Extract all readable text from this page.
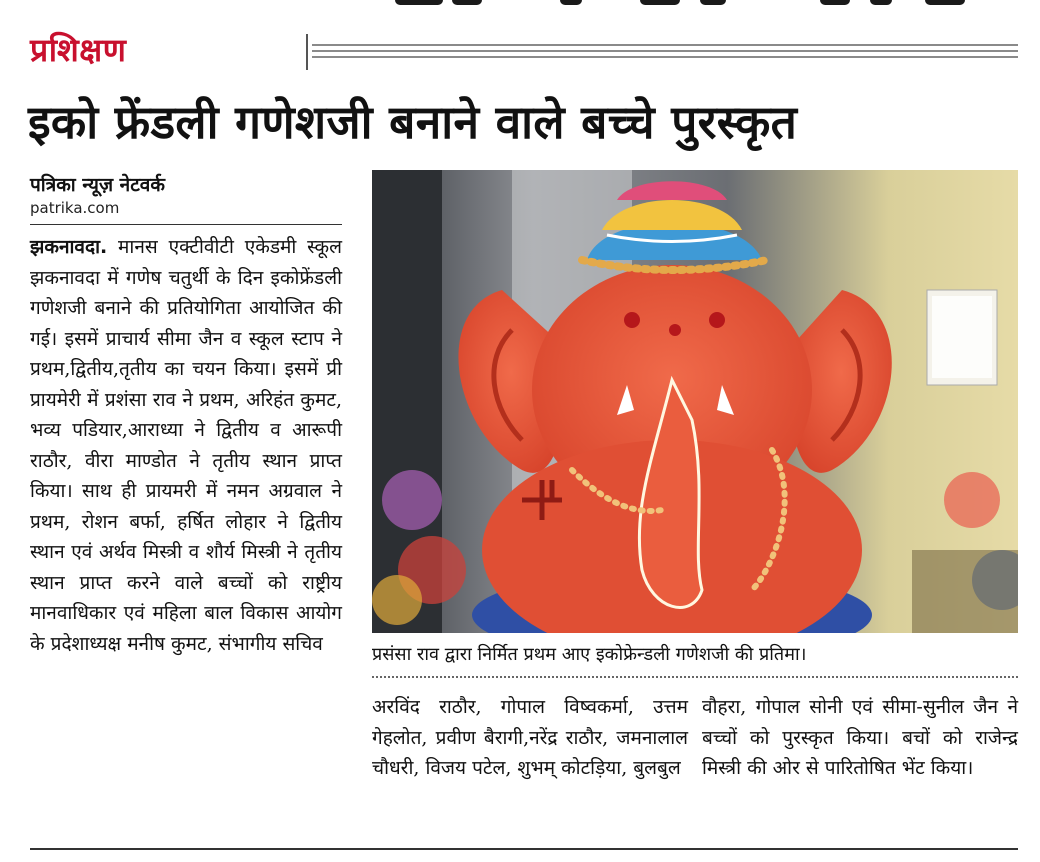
प्रशिक्षण
इको फ्रेंडली गणेशजी बनाने वाले बच्चे पुरस्कृत
पत्रिका न्यूज़ नेटवर्क
patrika.com
झकनावदा. मानस एक्टीवीटी एकेडमी स्कूल झकनावदा में गणेष चतुर्थी के दिन इकोफ्रेंडली गणेशजी बनाने की प्रतियोगिता आयोजित की गई। इसमें प्राचार्य सीमा जैन व स्कूल स्टाप ने प्रथम,द्वितीय,तृतीय का चयन किया। इसमें प्री प्रायमेरी में प्रशंसा राव ने प्रथम, अरिहंत कुमट, भव्य पडियार,आराध्या ने द्वितीय व आरूपी राठौर, वीरा माण्डोत ने तृतीय स्थान प्राप्त किया। साथ ही प्रायमरी में नमन अग्रवाल ने प्रथम, रोशन बर्फा, हर्षित लोहार ने द्वितीय स्थान एवं अर्थव मिस्त्री व शौर्य मिस्त्री ने तृतीय स्थान प्राप्त करने वाले बच्चों को राष्ट्रीय मानवाधिकार एवं महिला बाल विकास आयोग के प्रदेशाध्यक्ष मनीष कुमट, संभागीय सचिव	प्रसंसा राव द्वारा निर्मित प्रथम आए इकोफ्रेन्डली गणेशजी की प्रतिमा।
अरविंद राठौर, गोपाल विष्वकर्मा, उत्तम गेहलोत, प्रवीण बैरागी,नरेंद्र राठौर, जमनालाल चौधरी, विजय पटेल, शुभम् कोटड़िया, बुलबुल
वौहरा, गोपाल सोनी एवं सीमा-सुनील जैन ने बच्चों को पुरस्कृत किया। बचों को राजेन्द्र मिस्त्री की ओर से पारितोषित भेंट किया।
